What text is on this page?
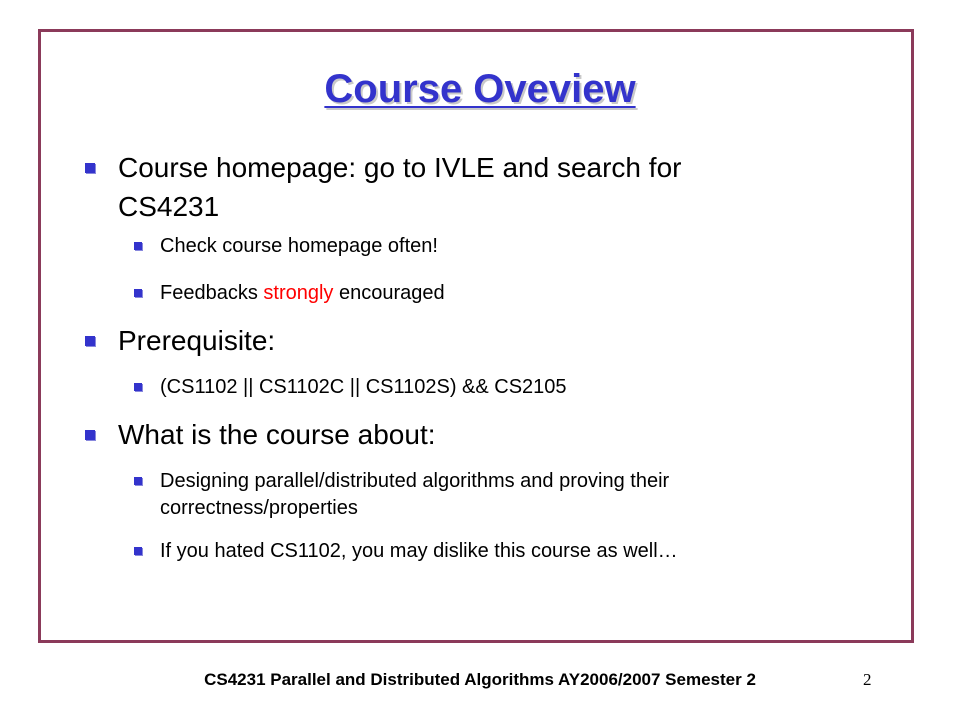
Course Oveview
Course homepage: go to IVLE and search for
CS4231
Check course homepage often!
Feedbacks strongly encouraged
Prerequisite:
(CS1102 || CS1102C || CS1102S) && CS2105
What is the course about:
Designing parallel/distributed algorithms and proving their
correctness/properties
If you hated CS1102, you may dislike this course as well…
CS4231 Parallel and Distributed Algorithms AY2006/2007 Semester 2	2
